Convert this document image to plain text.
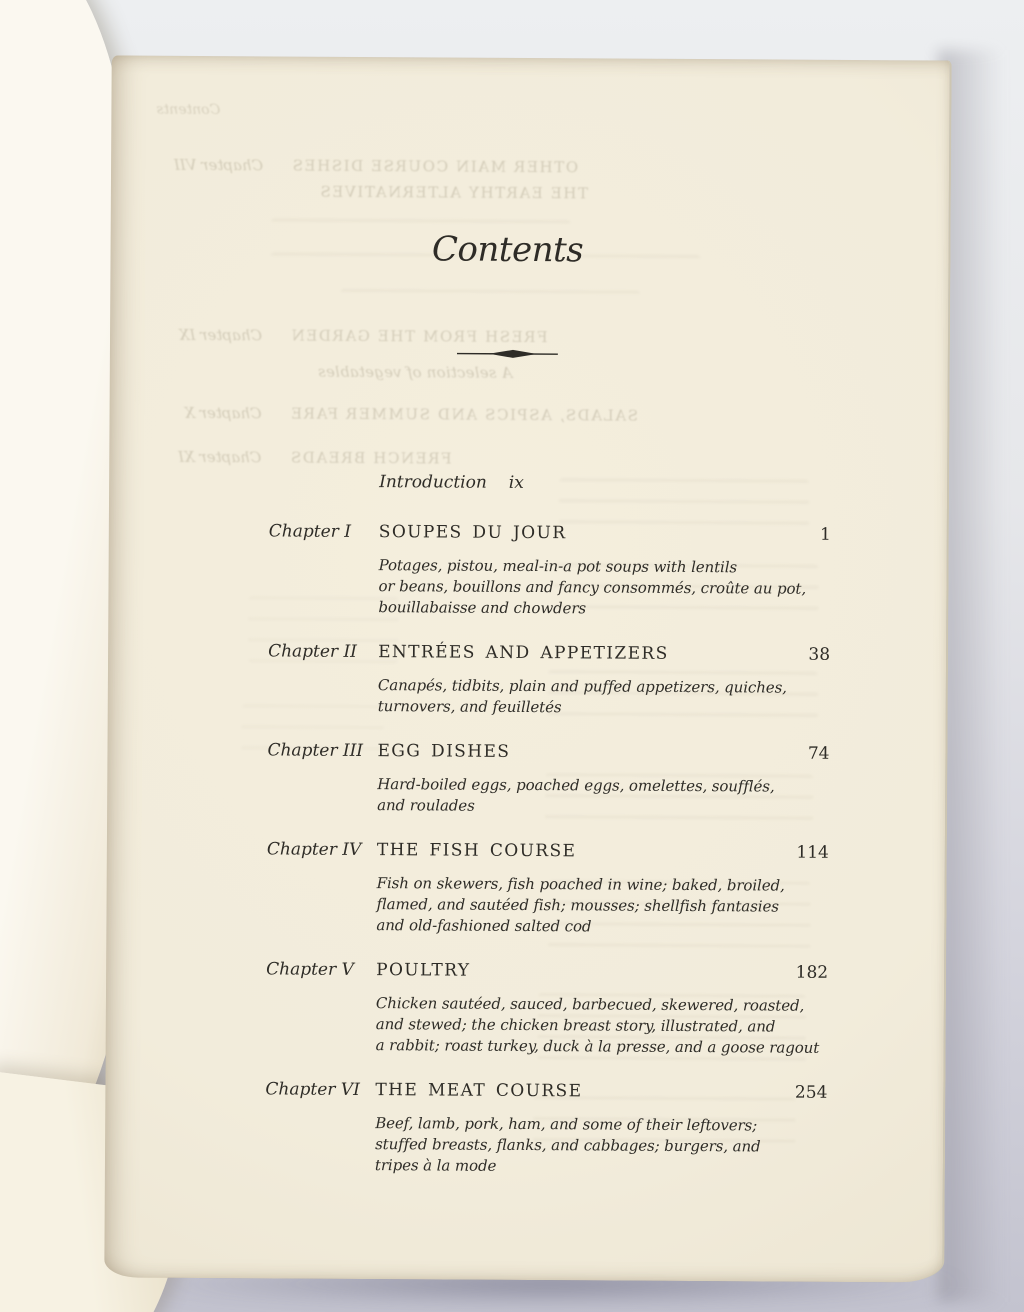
Contents
Chapter VII OTHER MAIN COURSE DISHES
THE EARTHY ALTERNATIVES
Chapter IX FRESH FROM THE GARDEN
A selection of vegetables
Chapter X SALADS, ASPICS AND SUMMER FARE
Chapter XI FRENCH BREADS
Contents
Introduction ix
Chapter I	SOUPES DU JOUR	1
Potages, pistou, meal-in-a pot soups with lentils
or beans, bouillons and fancy consommés, croûte au pot,
bouillabaisse and chowders
Chapter II	ENTRÉES AND APPETIZERS	38
Canapés, tidbits, plain and puffed appetizers, quiches,
turnovers, and feuilletés
Chapter III EGG DISHES	74
Hard-boiled eggs, poached eggs, omelettes, soufflés,
and roulades
Chapter IV THE FISH COURSE	114
Fish on skewers, fish poached in wine; baked, broiled,
flamed, and sautéed fish; mousses; shellfish fantasies
and old-fashioned salted cod
Chapter V	POULTRY	182
Chicken sautéed, sauced, barbecued, skewered, roasted,
and stewed; the chicken breast story, illustrated, and
a rabbit; roast turkey, duck à la presse, and a goose ragout
Chapter VI THE MEAT COURSE	254
Beef, lamb, pork, ham, and some of their leftovers;
stuffed breasts, flanks, and cabbages; burgers, and
tripes à la mode
